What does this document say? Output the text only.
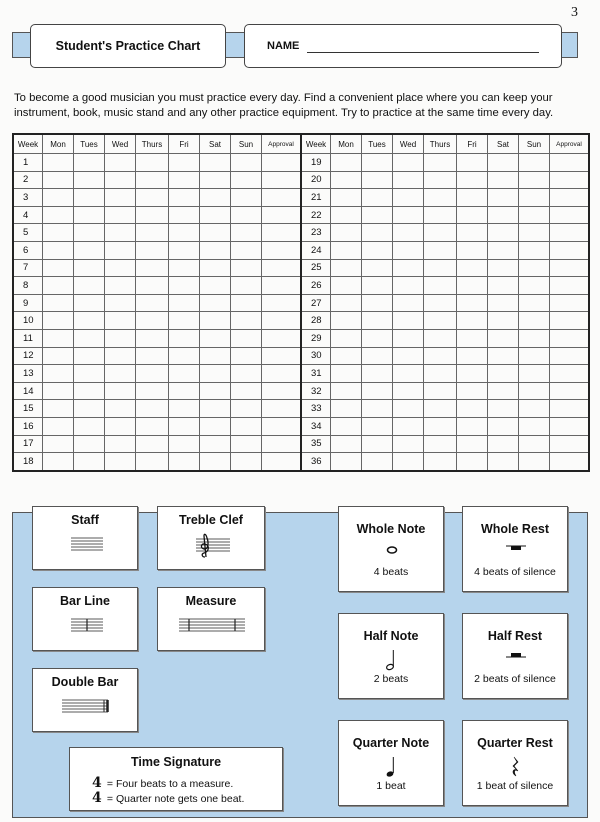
3
Student's Practice Chart	NAME

To become a good musician you must practice every day. Find a convenient place where you can keep your instrument, book, music stand and any other practice equipment. Try to practice at the same time every day.

Week	Mon	Tues	Wed	Thurs	Fri	Sat	Sun	Approval	Week	Mon	Tues	Wed	Thurs	Fri	Sat	Sun	Approval
1									19								
2									20								
3									21								
4									22								
5									23								
6									24								
7									25								
8									26								
9									27								
10									28								
11									29								
12									30								
13									31								
14									32								
15									33								
16									34								
17									35								
18									36								
Staff	Treble Clef
Bar Line	Measure
Double Bar
Time Signature
4 = Four beats to a measure.
4 = Quarter note gets one beat.
Whole Note
4 beats
Whole Rest
4 beats of silence
Half Note
2 beats
Half Rest
2 beats of silence
Quarter Note
1 beat
Quarter Rest
1 beat of silence
